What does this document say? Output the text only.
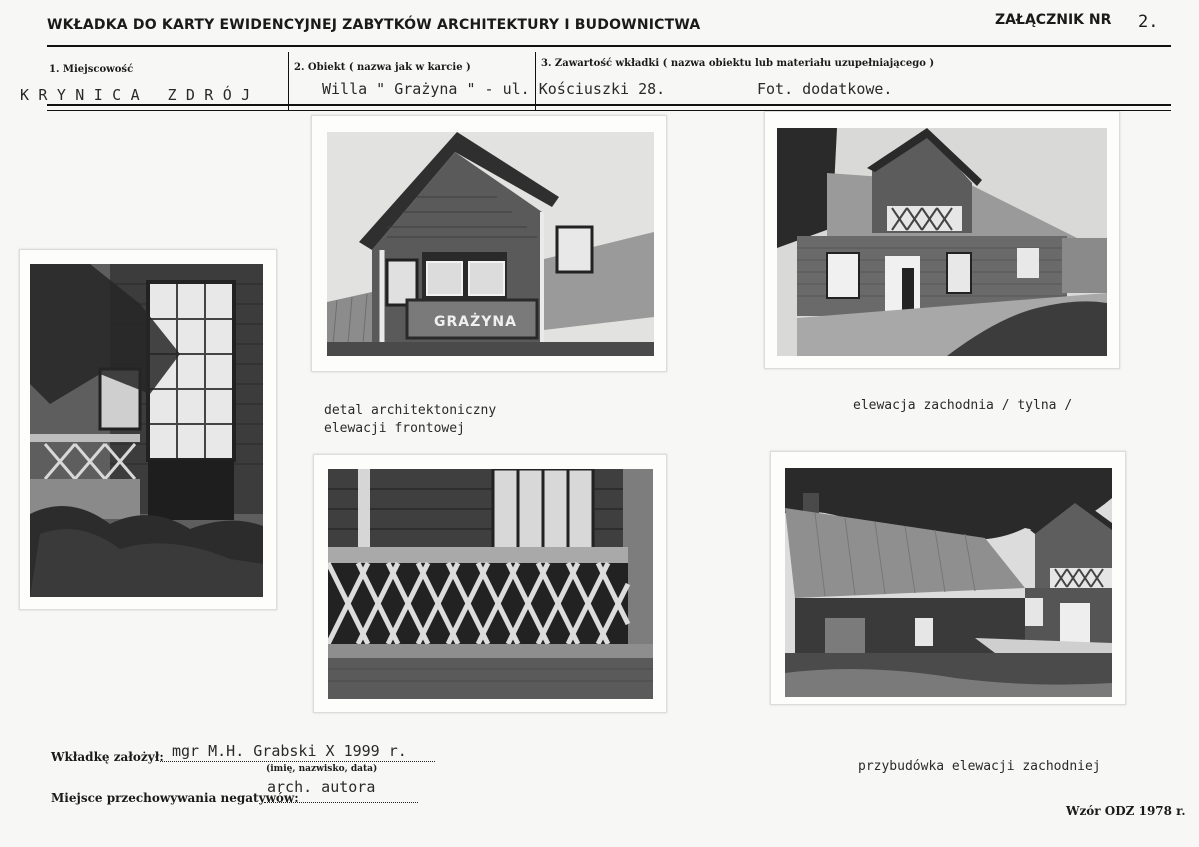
WKŁADKA DO KARTY EWIDENCYJNEJ ZABYTKÓW ARCHITEKTURY I BUDOWNICTWA	ZAŁĄCZNIK NR 2.
1. Miejscowość	2. Obiekt ( nazwa jak w karcie )	3. Zawartość wkładki ( nazwa obiektu lub materiału uzupełniającego )
KRYNICA ZDRÓJ	Willa " Grażyna " - ul. Kościuszki 28.	Fot. dodatkowe.
GRAŻYNA
detal architektoniczny
elewacji frontowej
elewacja zachodnia / tylna /
przybudówka elewacji zachodniej
Wkładkę założył: mgr M.H. Grabski X 1999 r.
(imię, nazwisko, data)
Miejsce przechowywania negatywów:
arch. autora
Wzór ODZ 1978 r.
